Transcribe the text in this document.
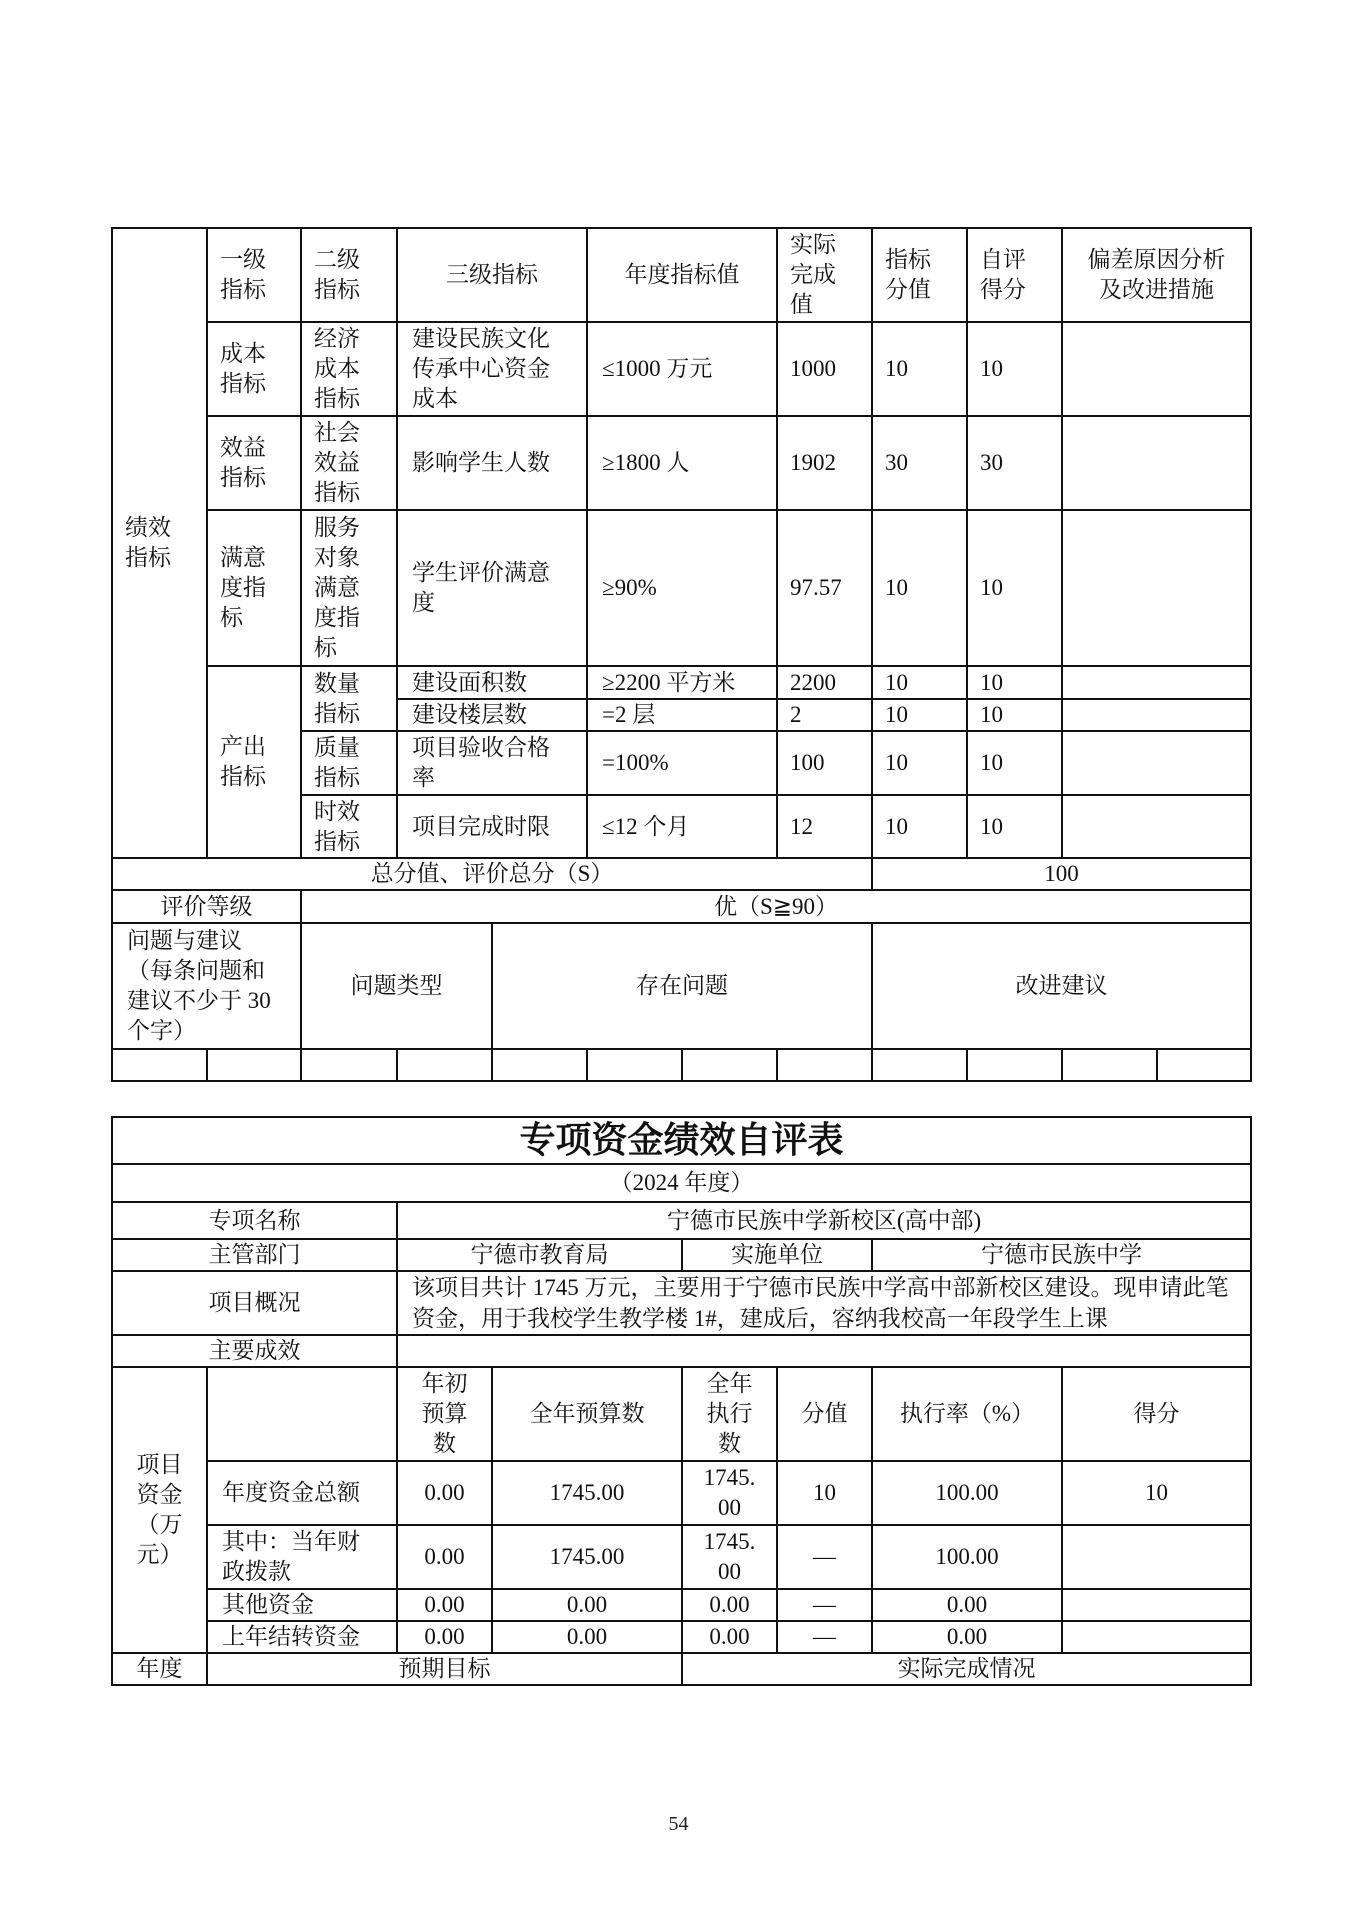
绩效指标	一级指标	二级指标	三级指标		年度指标值		实际完成值	指标分值	自评得分	偏差原因分析及改进措施	
	成本指标	经济成本指标	建设民族文化传承中心资金成本		≤1000 万元		1000	10	10		
	效益指标	社会效益指标	影响学生人数		≥1800 人		1902	30	30		
	满意度指标	服务对象满意度指标	学生评价满意度		≥90%		97.57	10	10		
	产出指标	数量指标	建设面积数		≥2200 平方米		2200	10	10		
			建设楼层数		=2 层		2	10	10		
		质量指标	项目验收合格率		=100%		100	10	10		
		时效指标	项目完成时限		≤12 个月		12	10	10		
总分值、评价总分（S）								100			
评价等级		优（S≧90）									
问题与建议（每条问题和建议不少于 30 个字）		问题类型		存在问题				改进建议			

专项资金绩效自评表							
（2024 年度）							
专项名称		宁德市民族中学新校区(高中部)					
主管部门		宁德市教育局		实施单位		宁德市民族中学	
项目概况		该项目共计 1745 万元，主要用于宁德市民族中学高中部新校区建设。现申请此笔资金，用于我校学生教学楼 1#，建成后，容纳我校高一年段学生上课					
主要成效							
项目资金（万元）		年初预算数	全年预算数	全年执行数	分值	执行率（%）	得分
	年度资金总额	0.00	1745.00	1745.00	10	100.00	10
	其中：当年财政拨款	0.00	1745.00	1745.00	—	100.00	
	其他资金	0.00	0.00	0.00	—	0.00	
	上年结转资金	0.00	0.00	0.00	—	0.00	
年度	预期目标			实际完成情况			
54
